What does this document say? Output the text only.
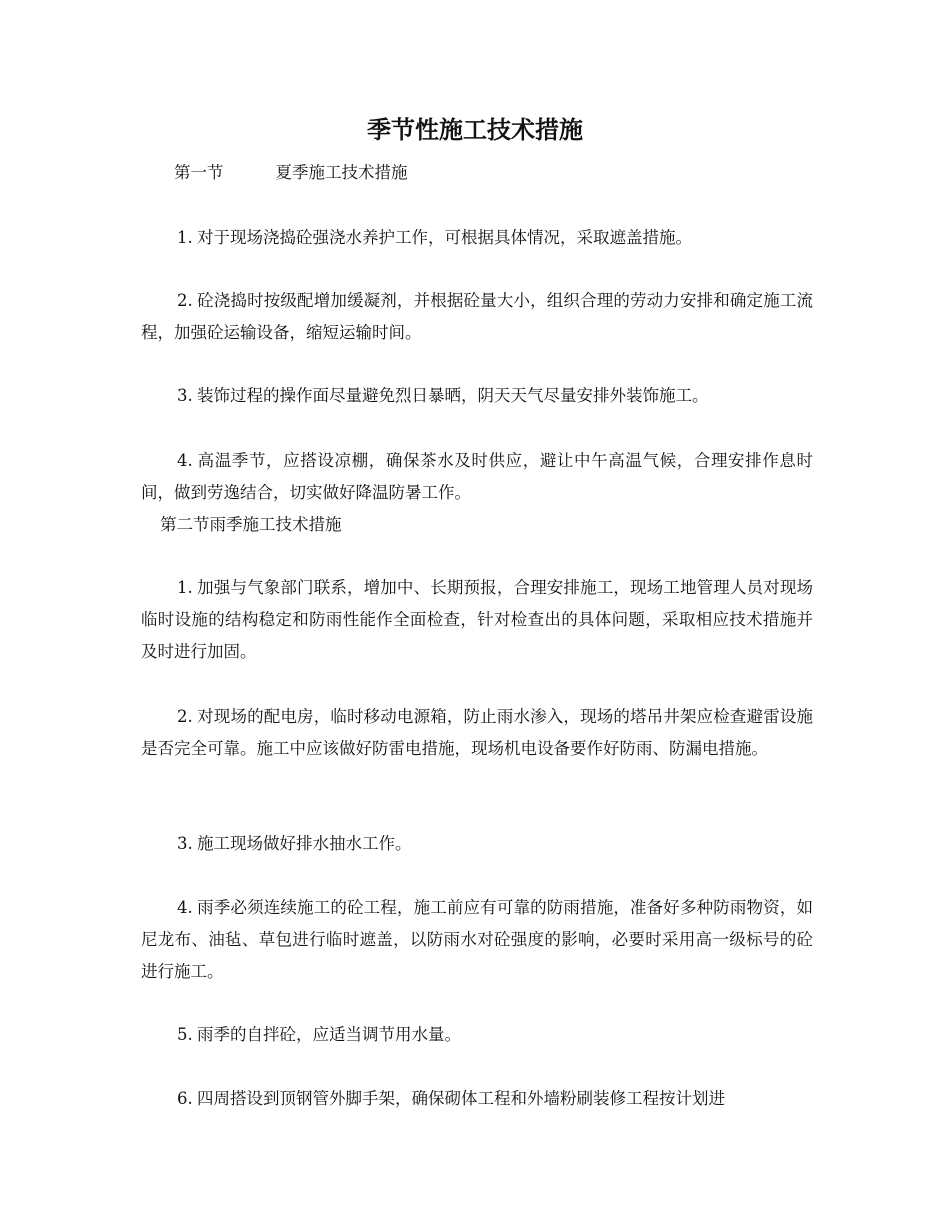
季节性施工技术措施
第一节	夏季施工技术措施
1. 对于现场浇捣砼强浇水养护工作，可根据具体情况，采取遮盖措施。
2. 砼浇捣时按级配增加缓凝剂，并根据砼量大小，组织合理的劳动力安排和确定施工流程，加强砼运输设备，缩短运输时间。
3. 装饰过程的操作面尽量避免烈日暴晒，阴天天气尽量安排外装饰施工。
4. 高温季节，应搭设凉棚，确保茶水及时供应，避让中午高温气候，合理安排作息时间，做到劳逸结合，切实做好降温防暑工作。
第二节雨季施工技术措施
1. 加强与气象部门联系，增加中、长期预报，合理安排施工，现场工地管理人员对现场临时设施的结构稳定和防雨性能作全面检查，针对检查出的具体问题，采取相应技术措施并及时进行加固。
2. 对现场的配电房，临时移动电源箱，防止雨水渗入，现场的塔吊井架应检查避雷设施是否完全可靠。施工中应该做好防雷电措施，现场机电设备要作好防雨、防漏电措施。
3. 施工现场做好排水抽水工作。
4. 雨季必须连续施工的砼工程，施工前应有可靠的防雨措施，准备好多种防雨物资，如尼龙布、油毡、草包进行临时遮盖，以防雨水对砼强度的影响，必要时采用高一级标号的砼进行施工。
5. 雨季的自拌砼，应适当调节用水量。
6. 四周搭设到顶钢管外脚手架，确保砌体工程和外墙粉刷装修工程按计划进
